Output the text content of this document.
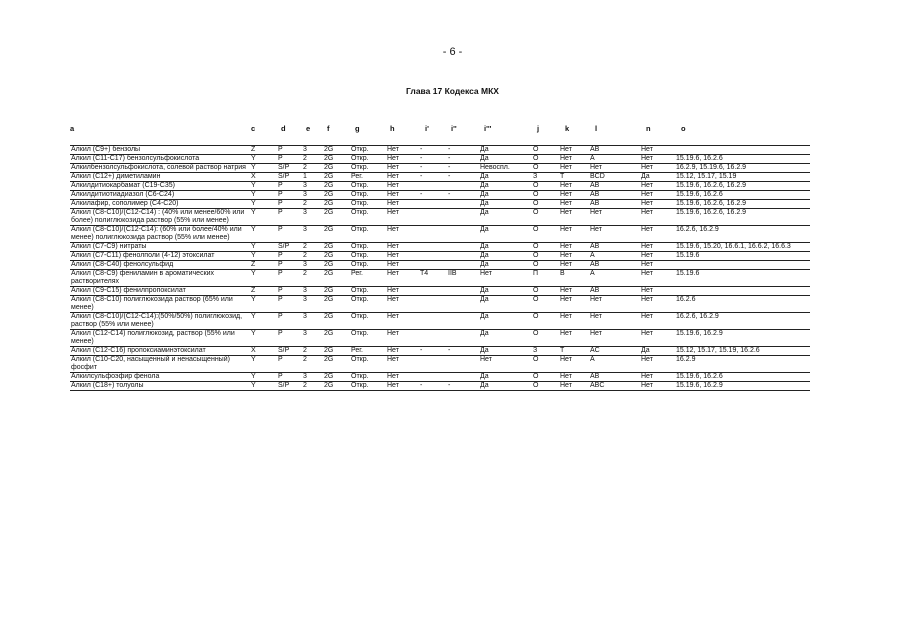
- 6 -
Глава 17 Кодекса МКХ
a	c	d	e f	g	h	i'	i''	i'''	j	k	l	n	o
Алкил (С9+) бензолы	Z	P	3	2G	Откр.	Нет	-	-	Да	О	Нет	AB	Нет	
Алкил (С11-С17) бензолсульфокислота	Y	P	2	2G	Откр.	Нет	-	-	Да	О	Нет	A	Нет	15.19.6, 16.2.6
Алкилбензолсульфокислота, солевой раствор натрия	Y	S/P	2	2G	Откр.	Нет	-	-	Невоспл.	О	Нет	Нет	Нет	16.2.9, 15.19.6, 16.2.9
Алкил (С12+) диметиламин	X	S/P	1	2G	Рег.	Нет	-	-	Да	З	Т	BCD	Да	15.12, 15.17, 15.19
Алкилдитиокарбамат (С19-С35)	Y	P	3	2G	Откр.	Нет			Да	О	Нет	AB	Нет	15.19.6, 16.2.6, 16.2.9
Алкилдитиотиадиазол (С6-С24)	Y	P	3	2G	Откр.	Нет	-	-	Да	О	Нет	AB	Нет	15.19.6, 16.2.6
Алкилафир, сополимер (С4-С20)	Y	P	2	2G	Откр.	Нет			Да	О	Нет	AB	Нет	15.19.6, 16.2.6, 16.2.9
Алкил (С8-С10)/(С12-С14) : (40% или менее/60% или более) полиглюкозида раствор (55% или менее)	Y	P	3	2G	Откр.	Нет			Да	О	Нет	Нет	Нет	15.19.6, 16.2.6, 16.2.9
Алкил (С8-С10)/(С12-С14): (60% или более/40% или менее) полиглюкозида раствор (55% или менее)	Y	P	3	2G	Откр.	Нет			Да	О	Нет	Нет	Нет	16.2.6, 16.2.9
Алкил (С7-С9) нитраты	Y	S/P	2	2G	Откр.	Нет			Да	О	Нет	AB	Нет	15.19.6, 15.20, 16.6.1, 16.6.2, 16.6.3
Алкил (С7-С11) фенолполи (4-12) этоксилат	Y	P	2	2G	Откр.	Нет			Да	О	Нет	A	Нет	15.19.6
Алкил (С8-С40) фенолсульфид	Z	P	3	2G	Откр.	Нет			Да	О	Нет	AB	Нет	
Алкил (С8-С9) фениламин в ароматических растворителях	Y	P	2	2G	Рег.	Нет	T4	IIB	Нет	П	В	А	Нет	15.19.6
Алкил (С9-С15) фенилпропоксилат	Z	P	3	2G	Откр.	Нет			Да	О	Нет	AB	Нет	
Алкил (С8-С10) полиглюкозида раствор (65% или менее)	Y	P	3	2G	Откр.	Нет			Да	О	Нет	Нет	Нет	16.2.6
Алкил (С8-С10)/(С12-С14):(50%/50%) полиглюкозид, раствор (55% или менее)	Y	P	3	2G	Откр.	Нет			Да	О	Нет	Нет	Нет	16.2.6, 16.2.9
Алкил (С12-С14) полиглюкозид, раствор (55% или менее)	Y	P	3	2G	Откр.	Нет			Да	О	Нет	Нет	Нет	15.19.6, 16.2.9
Алкил (С12-С16) пропоксиаминэтоксилат	X	S/P	2	2G	Рег.	Нет	-	-	Да	З	Т	AC	Да	15.12, 15.17, 15.19, 16.2.6
Алкил (С10-С20, насыщенный и ненасыщенный) фосфит	Y	P	2	2G	Откр.	Нет			Нет	О	Нет	А	Нет	16.2.9
Алкилсульфоэфир фенола	Y	P	3	2G	Откр.	Нет			Да	О	Нет	AB	Нет	15.19.6, 16.2.6
Алкил (С18+) толуолы	Y	S/P	2	2G	Откр.	Нет	-	-	Да	О	Нет	ABC	Нет	15.19.6, 16.2.9
